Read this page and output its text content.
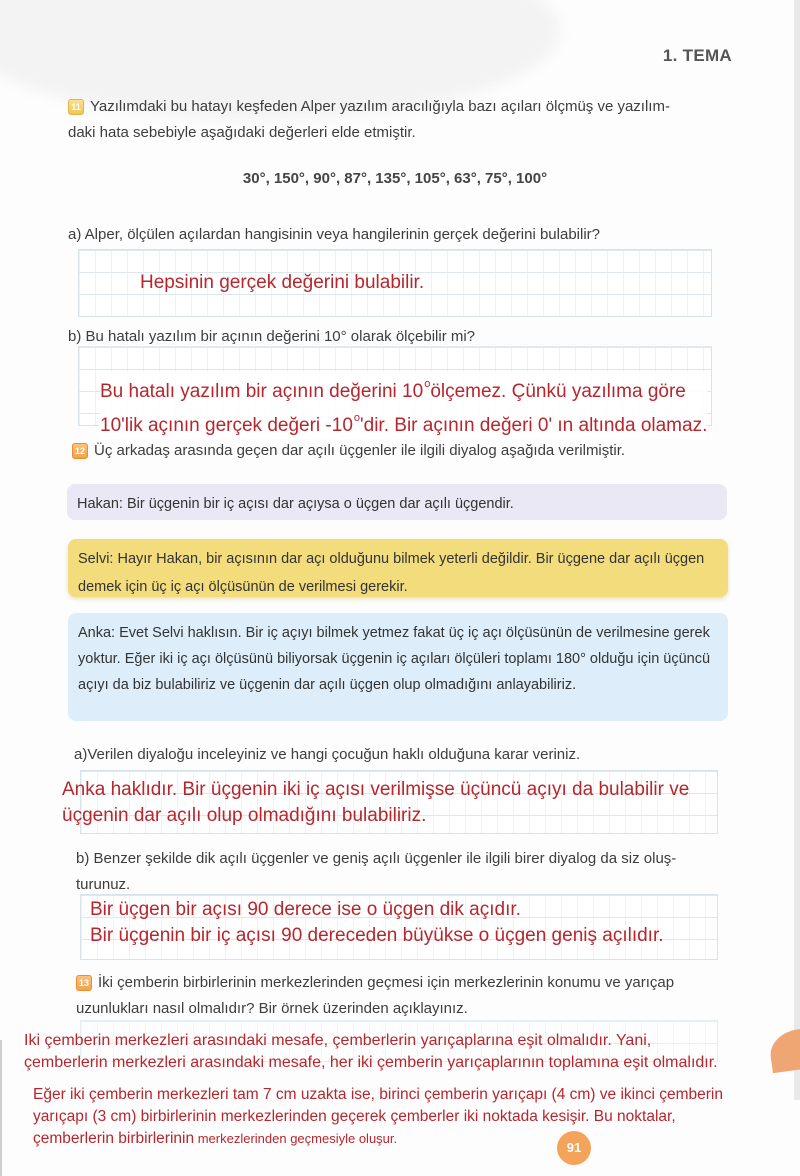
1. TEMA
11 Yazılımdaki bu hatayı keşfeden Alper yazılım aracılığıyla bazı açıları ölçmüş ve yazılım-
daki hata sebebiyle aşağıdaki değerleri elde etmiştir.
30°, 150°, 90°, 87°, 135°, 105°, 63°, 75°, 100°
a) Alper, ölçülen açılardan hangisinin veya hangilerinin gerçek değerini bulabilir?
Hepsinin gerçek değerini bulabilir.
b) Bu hatalı yazılım bir açının değerini 10° olarak ölçebilir mi?
Bu hatalı yazılım bir açının değerini 10$^o$ölçemez. Çünkü yazılıma göre
10'lik açının gerçek değeri -10$^o$'dir. Bir açının değeri 0' ın altında olamaz.
12 Üç arkadaş arasında geçen dar açılı üçgenler ile ilgili diyalog aşağıda verilmiştir.
Hakan: Bir üçgenin bir iç açısı dar açıysa o üçgen dar açılı üçgendir.
Selvi: Hayır Hakan, bir açısının dar açı olduğunu bilmek yeterli değildir. Bir üçgene dar açılı üçgen demek için üç iç açı ölçüsünün de verilmesi gerekir.
Anka: Evet Selvi haklısın. Bir iç açıyı bilmek yetmez fakat üç iç açı ölçüsünün de verilmesine gerek yoktur. Eğer iki iç açı ölçüsünü biliyorsak üçgenin iç açıları ölçüleri toplamı 180° olduğu için üçüncü açıyı da biz bulabiliriz ve üçgenin dar açılı üçgen olup olmadığını anlayabiliriz.
a)Verilen diyaloğu inceleyiniz ve hangi çocuğun haklı olduğuna karar veriniz.
Anka haklıdır. Bir üçgenin iki iç açısı verilmişse üçüncü açıyı da bulabilir ve
üçgenin dar açılı olup olmadığını bulabiliriz.
b) Benzer şekilde dik açılı üçgenler ve geniş açılı üçgenler ile ilgili birer diyalog da siz oluş-
turunuz.
Bir üçgen bir açısı 90 derece ise o üçgen dik açıdır.
Bir üçgenin bir iç açısı 90 dereceden büyükse o üçgen geniş açılıdır.
13 İki çemberin birbirlerinin merkezlerinden geçmesi için merkezlerinin konumu ve yarıçap
uzunlukları nasıl olmalıdır? Bir örnek üzerinden açıklayınız.
Iki çemberin merkezleri arasındaki mesafe, çemberlerin yarıçaplarına eşit olmalıdır. Yani,
çemberlerin merkezleri arasındaki mesafe, her iki çemberin yarıçaplarının toplamına eşit olmalıdır.
Eğer iki çemberin merkezleri tam 7 cm uzakta ise, birinci çemberin yarıçapı (4 cm) ve ikinci çemberin
yarıçapı (3 cm) birbirlerinin merkezlerinden geçerek çemberler iki noktada kesişir. Bu noktalar,
çemberlerin birbirlerinin merkezlerinden geçmesiyle oluşur.
91
